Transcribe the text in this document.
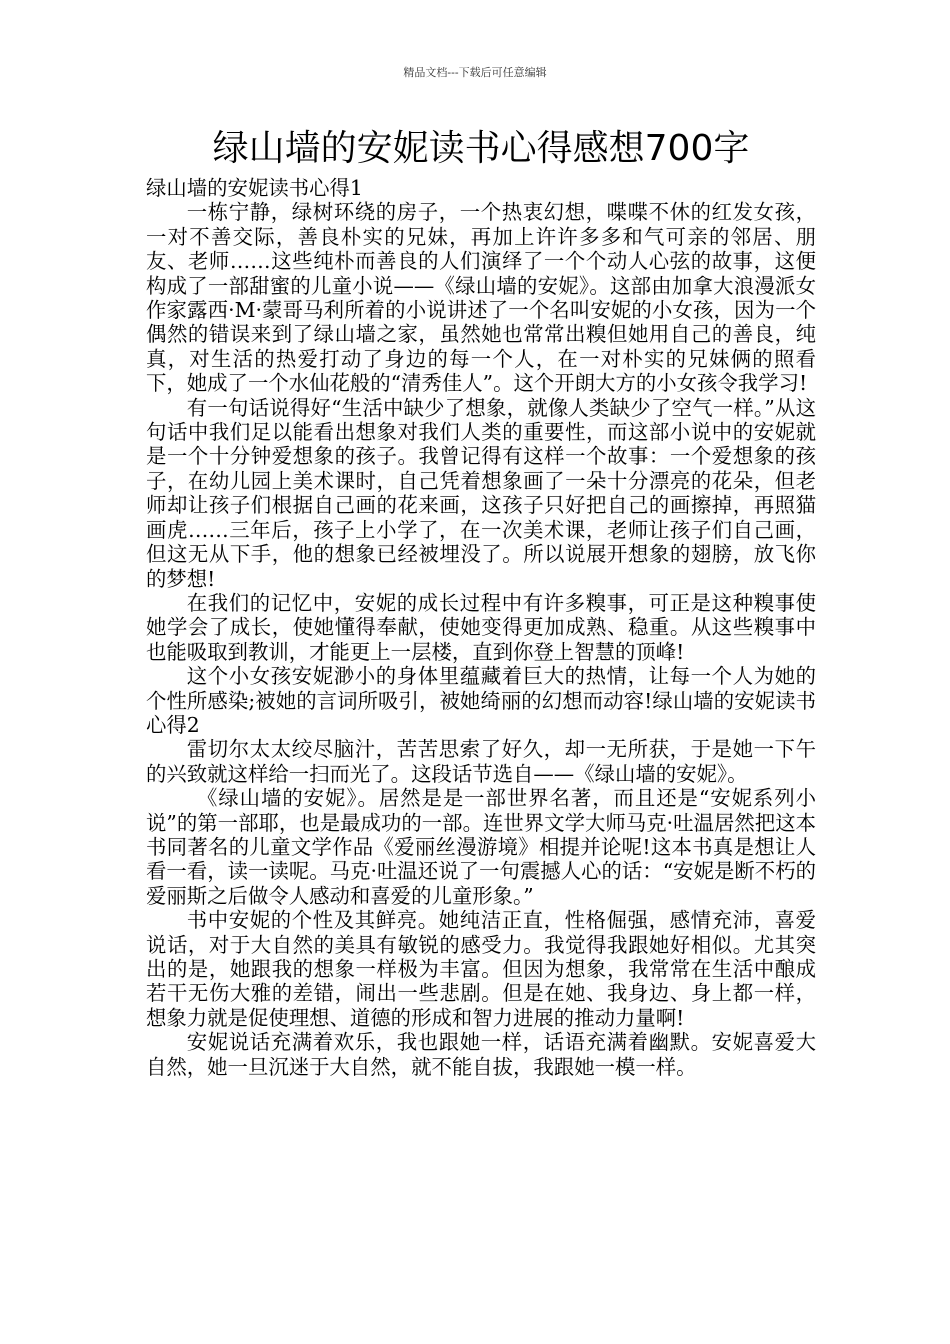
精品文档---下载后可任意编辑
绿山墙的安妮读书心得感想700字

绿山墙的安妮读书心得1

一栋宁静，绿树环绕的房子，一个热衷幻想，喋喋不休的红发女孩，一对不善交际，善良朴实的兄妹，再加上许许多多和气可亲的邻居、朋友、老师……这些纯朴而善良的人们演绎了一个个动人心弦的故事，这便构成了一部甜蜜的儿童小说——《绿山墙的安妮》。这部由加拿大浪漫派女作家露西·M·蒙哥马利所着的小说讲述了一个名叫安妮的小女孩，因为一个偶然的错误来到了绿山墙之家，虽然她也常常出糗但她用自己的善良，纯真，对生活的热爱打动了身边的每一个人，在一对朴实的兄妹俩的照看下，她成了一个水仙花般的“清秀佳人”。这个开朗大方的小女孩令我学习!

有一句话说得好“生活中缺少了想象，就像人类缺少了空气一样。”从这句话中我们足以能看出想象对我们人类的重要性，而这部小说中的安妮就是一个十分钟爱想象的孩子。我曾记得有这样一个故事：一个爱想象的孩子，在幼儿园上美术课时，自己凭着想象画了一朵十分漂亮的花朵，但老师却让孩子们根据自己画的花来画，这孩子只好把自己的画擦掉，再照猫画虎……三年后，孩子上小学了，在一次美术课，老师让孩子们自己画，但这无从下手，他的想象已经被埋没了。所以说展开想象的翅膀，放飞你的梦想!

在我们的记忆中，安妮的成长过程中有许多糗事，可正是这种糗事使她学会了成长，使她懂得奉献，使她变得更加成熟、稳重。从这些糗事中也能吸取到教训，才能更上一层楼，直到你登上智慧的顶峰!

这个小女孩安妮渺小的身体里蕴藏着巨大的热情，让每一个人为她的个性所感染;被她的言词所吸引，被她绮丽的幻想而动容!绿山墙的安妮读书心得2

雷切尔太太绞尽脑汁，苦苦思索了好久，却一无所获，于是她一下午的兴致就这样给一扫而光了。这段话节选自——《绿山墙的安妮》。

《绿山墙的安妮》。居然是是一部世界名著，而且还是“安妮系列小说”的第一部耶，也是最成功的一部。连世界文学大师马克·吐温居然把这本书同著名的儿童文学作品《爱丽丝漫游境》相提并论呢!这本书真是想让人看一看，读一读呢。马克·吐温还说了一句震撼人心的话：“安妮是断不朽的爱丽斯之后做令人感动和喜爱的儿童形象。”

书中安妮的个性及其鲜亮。她纯洁正直，性格倔强，感情充沛，喜爱说话，对于大自然的美具有敏锐的感受力。我觉得我跟她好相似。尤其突出的是，她跟我的想象一样极为丰富。但因为想象，我常常在生活中酿成若干无伤大雅的差错，闹出一些悲剧。但是在她、我身边、身上都一样，想象力就是促使理想、道德的形成和智力进展的推动力量啊!

安妮说话充满着欢乐，我也跟她一样，话语充满着幽默。安妮喜爱大自然，她一旦沉迷于大自然，就不能自拔，我跟她一模一样。
